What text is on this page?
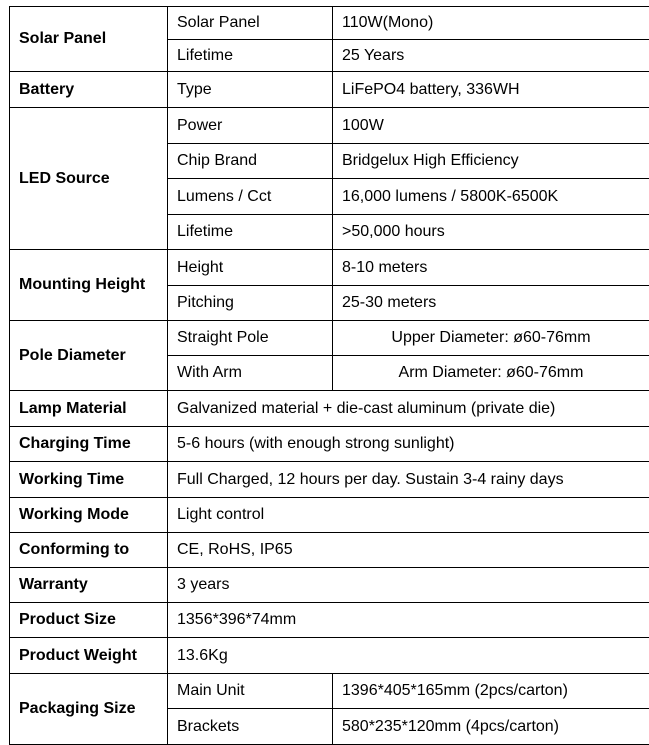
Solar Panel	Solar Panel	110W(Mono)
	Lifetime	25 Years
Battery	Type	LiFePO4 battery, 336WH
LED Source	Power	100W
	Chip Brand	Bridgelux High Efficiency
	Lumens / Cct	16,000 lumens / 5800K-6500K
	Lifetime	>50,000 hours
Mounting Height	Height	8-10 meters
	Pitching	25-30 meters
Pole Diameter	Straight Pole	Upper Diameter: ø60-76mm
	With Arm	Arm Diameter: ø60-76mm
Lamp Material	Galvanized material + die-cast aluminum (private die)	
Charging Time	5-6 hours (with enough strong sunlight)	
Working Time	Full Charged, 12 hours per day. Sustain 3-4 rainy days	
Working Mode	Light control	
Conforming to	CE, RoHS, IP65	
Warranty	3 years	
Product Size	1356*396*74mm	
Product Weight	13.6Kg	
Packaging Size	Main Unit	1396*405*165mm (2pcs/carton)
	Brackets	580*235*120mm (4pcs/carton)
